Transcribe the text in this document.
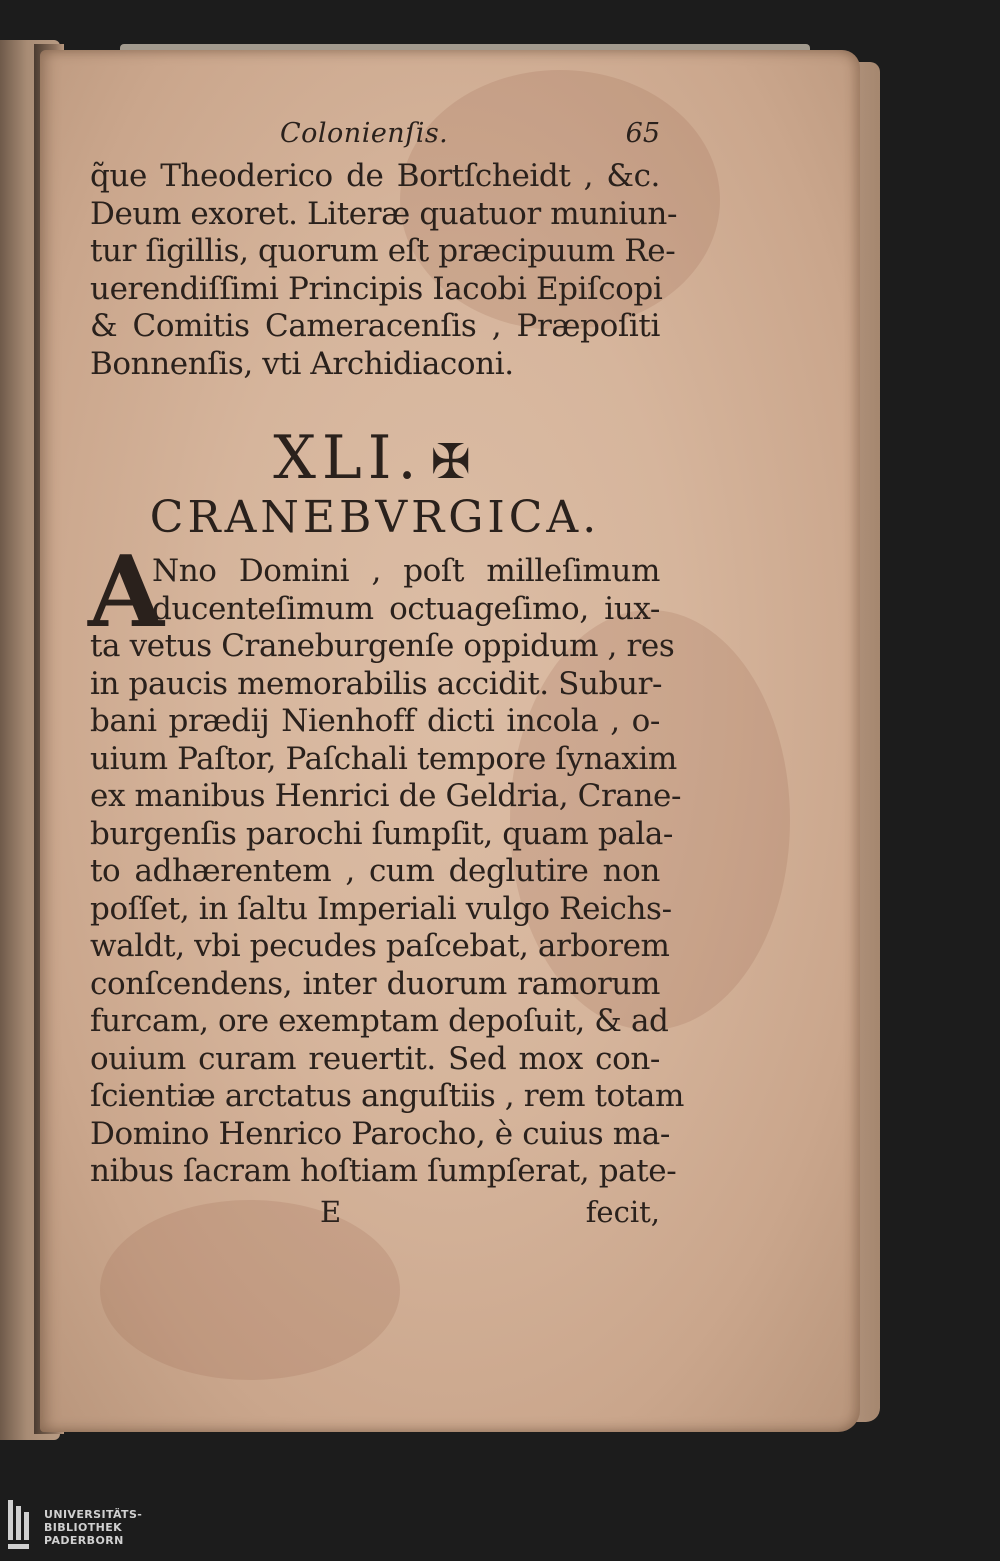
Colonienſis.	65
q̃ue Theoderico de Bortſcheidt , &c.
Deum exoret. Literæ quatuor muniun-
tur ſigillis, quorum eſt præcipuum Re-
uerendiſſimi Principis Iacobi Epiſcopi
& Comitis Cameracenſis , Præpoſiti
Bonnenſis, vti Archidiaconi.
XLI. ✠
CRANEBVRGICA.
A
Nno Domini , poſt milleſimum
ducenteſimum octuageſimo, iux-
ta vetus Craneburgenſe oppidum , res
in paucis memorabilis accidit. Subur-
bani prædij Nienhoff dicti incola , o-
uium Paſtor, Paſchali tempore ſynaxim
ex manibus Henrici de Geldria, Crane-
burgenſis parochi ſumpſit, quam pala-
to adhærentem , cum deglutire non
poſſet, in ſaltu Imperiali vulgo Reichs-
waldt, vbi pecudes paſcebat, arborem
conſcendens, inter duorum ramorum
furcam, ore exemptam depoſuit, & ad
ouium curam reuertit. Sed mox con-
ſcientiæ arctatus anguſtiis , rem totam
Domino Henrico Parocho, è cuius ma-
nibus ſacram hoſtiam ſumpſerat, pate-
E	fecit,
UNIVERSITÄTS-
BIBLIOTHEK
PADERBORN
